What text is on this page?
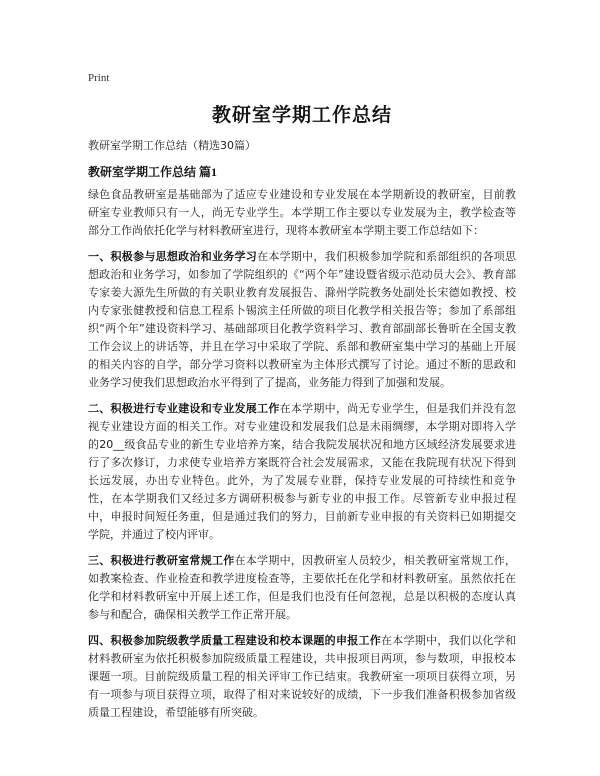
Print
教研室学期工作总结

教研室学期工作总结（精选30篇）

教研室学期工作总结 篇1

绿色食品教研室是基础部为了适应专业建设和专业发展在本学期新设的教研室，目前教研室专业教师只有一人，尚无专业学生。本学期工作主要以专业发展为主，教学检查等部分工作尚依托化学与材料教研室进行，现将本教研室本学期主要工作总结如下：

一、积极参与思想政治和业务学习在本学期中，我们积极参加学院和系部组织的各项思想政治和业务学习，如参加了学院组织的《“两个年”建设暨省级示范动员大会》、教育部专家姜大源先生所做的有关职业教育发展报告、滁州学院教务处副处长宋德如教授、校内专家张健教授和信息工程系卜锡滨主任所做的项目化教学相关报告等；参加了系部组织“两个年”建设资料学习、基础部项目化教学资料学习、教育部副部长鲁昕在全国支教工作会议上的讲话等，并且在学习中采取了学院、系部和教研室集中学习的基础上开展的相关内容的自学，部分学习资料以教研室为主体形式撰写了讨论。通过不断的思政和业务学习使我们思想政治水平得到了了提高，业务能力得到了加强和发展。

二、积极进行专业建设和专业发展工作在本学期中，尚无专业学生，但是我们并没有忽视专业建设方面的相关工作。对专业建设和发展我们总是未雨绸缪，本学期对即将入学的20__级食品专业的新生专业培养方案，结合我院发展状况和地方区域经济发展要求进行了多次修订，力求使专业培养方案既符合社会发展需求，又能在我院现有状况下得到长远发展，办出专业特色。此外，为了发展专业群，保持专业发展的可持续性和竞争性，在本学期我们又经过多方调研积极参与新专业的申报工作。尽管新专业申报过程中，申报时间短任务重，但是通过我们的努力，目前新专业申报的有关资料已如期提交学院，并通过了校内评审。

三、积极进行教研室常规工作在本学期中，因教研室人员较少，相关教研室常规工作，如教案检查、作业检查和教学进度检查等，主要依托在化学和材料教研室。虽然依托在化学和材料教研室中开展上述工作，但是我们也没有任何忽视，总是以积极的态度认真参与和配合，确保相关教学工作正常开展。

四、积极参加院级教学质量工程建设和校本课题的申报工作在本学期中，我们以化学和材料教研室为依托积极参加院级质量工程建设，共申报项目两项，参与数项，申报校本课题一项。目前院级质量工程的相关评审工作已结束。我教研室一项项目获得立项，另有一项参与项目获得立项，取得了相对来说较好的成绩，下一步我们准备积极参加省级质量工程建设，希望能够有所突破。
